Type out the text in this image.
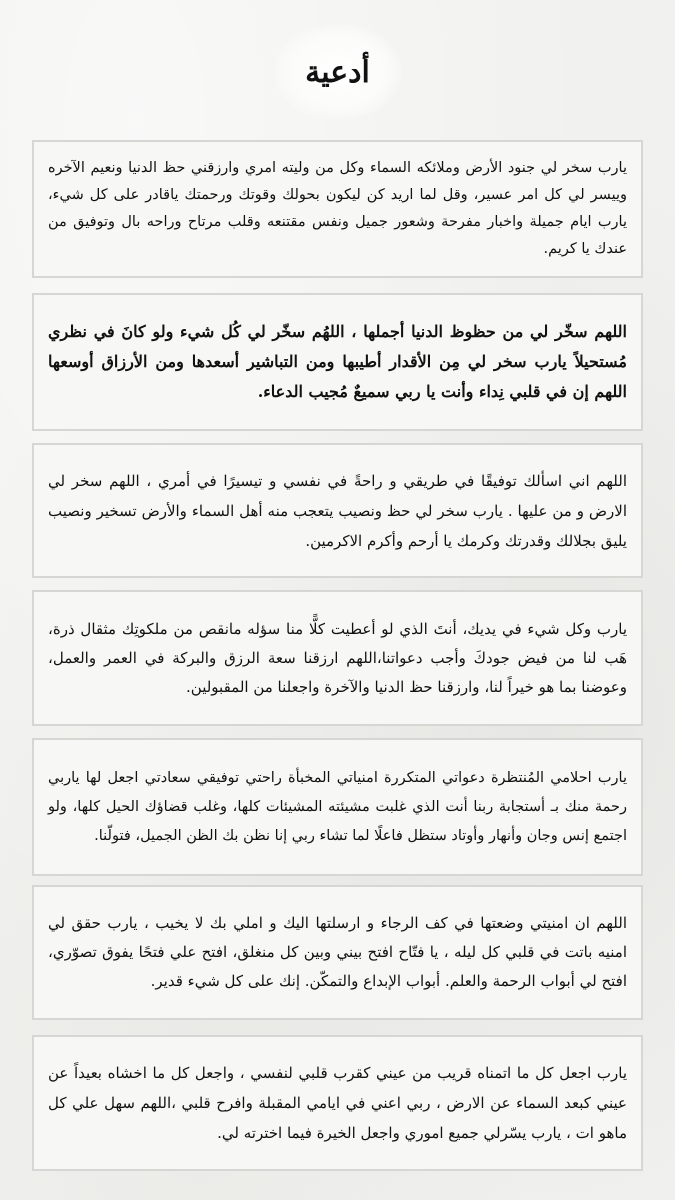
أدعية

يارب سخر لي جنود الأرض وملائكه السماء وكل من وليته امري وارزقني حظ الدنيا ونعيم الآخره وييسر لي كل امر عسير، وقل لما اريد كن ليكون بحولك وقوتك ورحمتك ياقادر على كل شيء، يارب ايام جميلة واخبار مفرحة وشعور جميل ونفس مقتنعه وقلب مرتاح وراحه بال وتوفيق من عندك يا كريم.

اللهم سخّر لي من حظوظ الدنيا أجملها ، اللهُم سخّر لي كُل شيء ولو كانَ في نظري مُستحيلاً يارب سخر لي مِن الأقدار أطيبها ومن التباشير أسعدها ومن الأرزاق أوسعها اللهم إن في قلبي نِداء وأنت يا ربي سميعٌ مُجيب الدعاء.

اللهم اني اسألك توفيقًا في طريقي و راحةً في نفسي و تيسيرًا في أمري ، اللهم سخر لي الارض و من عليها . يارب سخر لي حظ ونصيب يتعجب منه أهل السماء والأرض تسخير ونصيب يليق بجلالك وقدرتك وكرمك يا أرحم وأكرم الاكرمين.

يارب وكل شيء في يديك، أنتَ الذي لو أعطيت كلًّا منا سؤله مانقص من ملكوتِك مثقال ذرة، هَب لنا من فيض جودكَ وأجب دعواتنا،اللهم ارزقنا سعة الرزق والبركة في العمر والعمل، وعوضنا بما هو خيراً لنا، وارزقنا حظ الدنيا والآخرة واجعلنا من المقبولين.

يارب احلامي المُنتظرة دعواتي المتكررة امنياتي المخبأة راحتي توفيقي سعادتي اجعل لها ياربي رحمة منك بـ أستجابة ربنا أنت الذي غلبت مشيئته المشيئات كلها، وغلب قضاؤك الحيل كلها، ولو اجتمع إنس وجان وأنهار وأوتاد ستظل فاعلًا لما تشاء ربي إنا نظن بك الظن الجميل، فتولّنا.

اللهم ان امنيتي وضعتها في كف الرجاء و ارسلتها اليك و املي بك لا يخيب ، يارب حقق لي امنيه باتت في قلبي كل ليله ، يا فتّاح افتح بيني وبين كل منغلق، افتح علي فتحًا يفوق تصوّري، افتح لي أبواب الرحمة والعلم. أبواب الإبداع والتمكّن. إنك على كل شيء قدير.

يارب اجعل كل ما اتمناه قريب من عيني كقرب قلبي لنفسي ، واجعل كل ما اخشاه بعيداً عن عيني كبعد السماء عن الارض ، ربي اعني في ايامي المقبلة وافرح قلبي ،اللهم سهل علي كل ماهو ات ، يارب يسّرلي جميع اموري واجعل الخيرة فيما اخترته لي.
